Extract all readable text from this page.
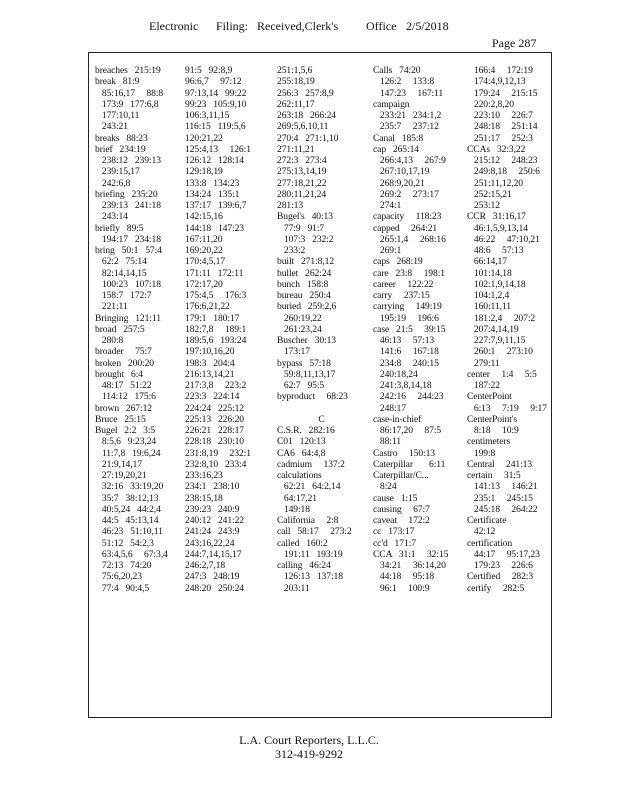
Electronic Filing: Received,Clerk's Office 2/5/2018
Page 287
breaches   215:19
break   81:9
85:16,17     88:8
173:9   177:6,8
177:10,11
243:21
breaks   88:23
brief   234:19
238:12   239:13
239:15,17
242:6,8
briefing   235:20
239:13   241:18
243:14
briefly   89:5
194:17   234:18
bring   50:1   57:4
62:2   75:14
82:14,14,15
100:23   107:18
158:7   172:7
221:11
Bringing   121:11
broad   257:5
280:8
broader     75:7
broken   200:20
brought   6:4
48:17   51:22
114:12   175:6
brown   267:12
Bruce   25:15
Bugel   2:2   3:5
8:5,6   9:23,24
11:7,8   19:6,24
21:9,14,17
27:19,20,21
32:16   33:19,20
35:7   38:12,13
40:5,24   44:2,4
44:5   45:13,14
46:23   51:10,11
51:12   54:2,3
63:4,5,6     67:3,4
72:13   74:20
75:6,20,23
77:4   90:4,5
91:5   92:8,9
96:6,7     97:12
97:13,14   99:22
99:23   105:9,10
106:3,11,15
116:15   119:5,6
120:21,22
125:4,13     126:1
126:12   128:14
129:18,19
133:8   134:23
134:24   135:1
137:17   139:6,7
142:15,16
144:18   147:23
167:11,20
169:20,22
170:4,5,17
171:11   172:11
172:17,20
175:4,5     176:3
176:6,21,22
179:1   180:17
182:7,8     189:1
189:5,6   193:24
197:10,16,20
198:3   204:4
216:13,14,21
217:3,8     223:2
223:3   224:14
224:24   225:12
225:13   226:20
226:21   228:17
228:18   230:10
231:8,19     232:1
232:8,10   233:4
233:16,23
234:1   238:10
238:15,18
239:23   240:9
240:12   241:22
241:24   243:9
243:16,22,24
244:7,14,15,17
246:2,7,18
247:3   248:19
248:20   250:24
251:1,5,6
255:18,19
256:3   257:8,9
262:11,17
263:18   266:24
269:5,6,10,11
270:4   271:1,10
271:11,21
272:3   273:4
275:13,14,19
277:18,21,22
280:11,21,24
281:13
Bugel's   40:13
77:9   91:7
107:3   232:2
233:2
built   271:8,12
bullet   262:24
bunch   158:8
bureau   250:4
buried   259:2,6
260:19,22
261:23,24
Buscher   30:13
173:17
bypass   57:18
59:8,11,13,17
62:7   95:5
byproduct     68:23
C
C.S.R.   282:16
C01   120:13
CA6   64:4,8
cadmium     137:2
calculations
62:21   64:2,14
64:17,21
149:18
California     2:8
call   58:17     273:2
called   160:2
191:11   193:19
calling   46:24
126:13   137:18
203:11
Calls   74:20
126:2     133:8
147:23     167:11
campaign
233:21   234:1,2
235:7     237:12
Canal   185:8
cap   265:14
266:4,13     267:9
267:10,17,19
268:9,20,21
269:2     273:17
274:1
capacity     118:23
capped     264:21
265:1,4     268:16
269:1
caps   268:19
care   23:8     198:1
career     122:22
carry     237:15
carrying     149:19
195:19     196:6
case   21:5     39:15
46:13     57:13
141:6     167:18
234:8     240:15
240:18,24
241:3,8,14,18
242:16     244:23
248:17
case-in-chief
86:17,20     87:5
88:11
Castro     150:13
Caterpillar       6:11
Caterpillar/C...
8:24
cause   1:15
causing     67:7
caveat     172:2
cc   173:17
cc'd   171:7
CCA   31:1     32:15
34:21     36:14,20
44:18     95:18
96:1     100:9
166:4     172:19
174:4,9,12,13
179:24     215:15
220:2,8,20
223:10     226:7
248:18     251:14
251:17     252:3
CCAs   32:3,22
215:12     248:23
249:8,18     250:6
251:11,12,20
252:15,21
253:12
CCR   31:16,17
46:1,5,9,13,14
46:22     47:10,21
48:6     57:13
66:14,17
101:14,18
102:1,9,14,18
104:1,2,4
160:11,11
181:2,4     207:2
207:4,14,19
227:7,9,11,15
260:1     273:10
279:11
center     1:4     5:5
187:22
CenterPoint
6:13     7:19     9:17
CenterPoint's
8:18     10:9
centimeters
199:8
Central     241:13
certain     31:5
141:13     146:21
235:1     245:15
245:18     264:22
Certificate
42:12
certification
44:17     95:17,23
179:23     226:6
Certified     282:3
certify     282:5
L.A. Court Reporters, L.L.C.
312-419-9292
